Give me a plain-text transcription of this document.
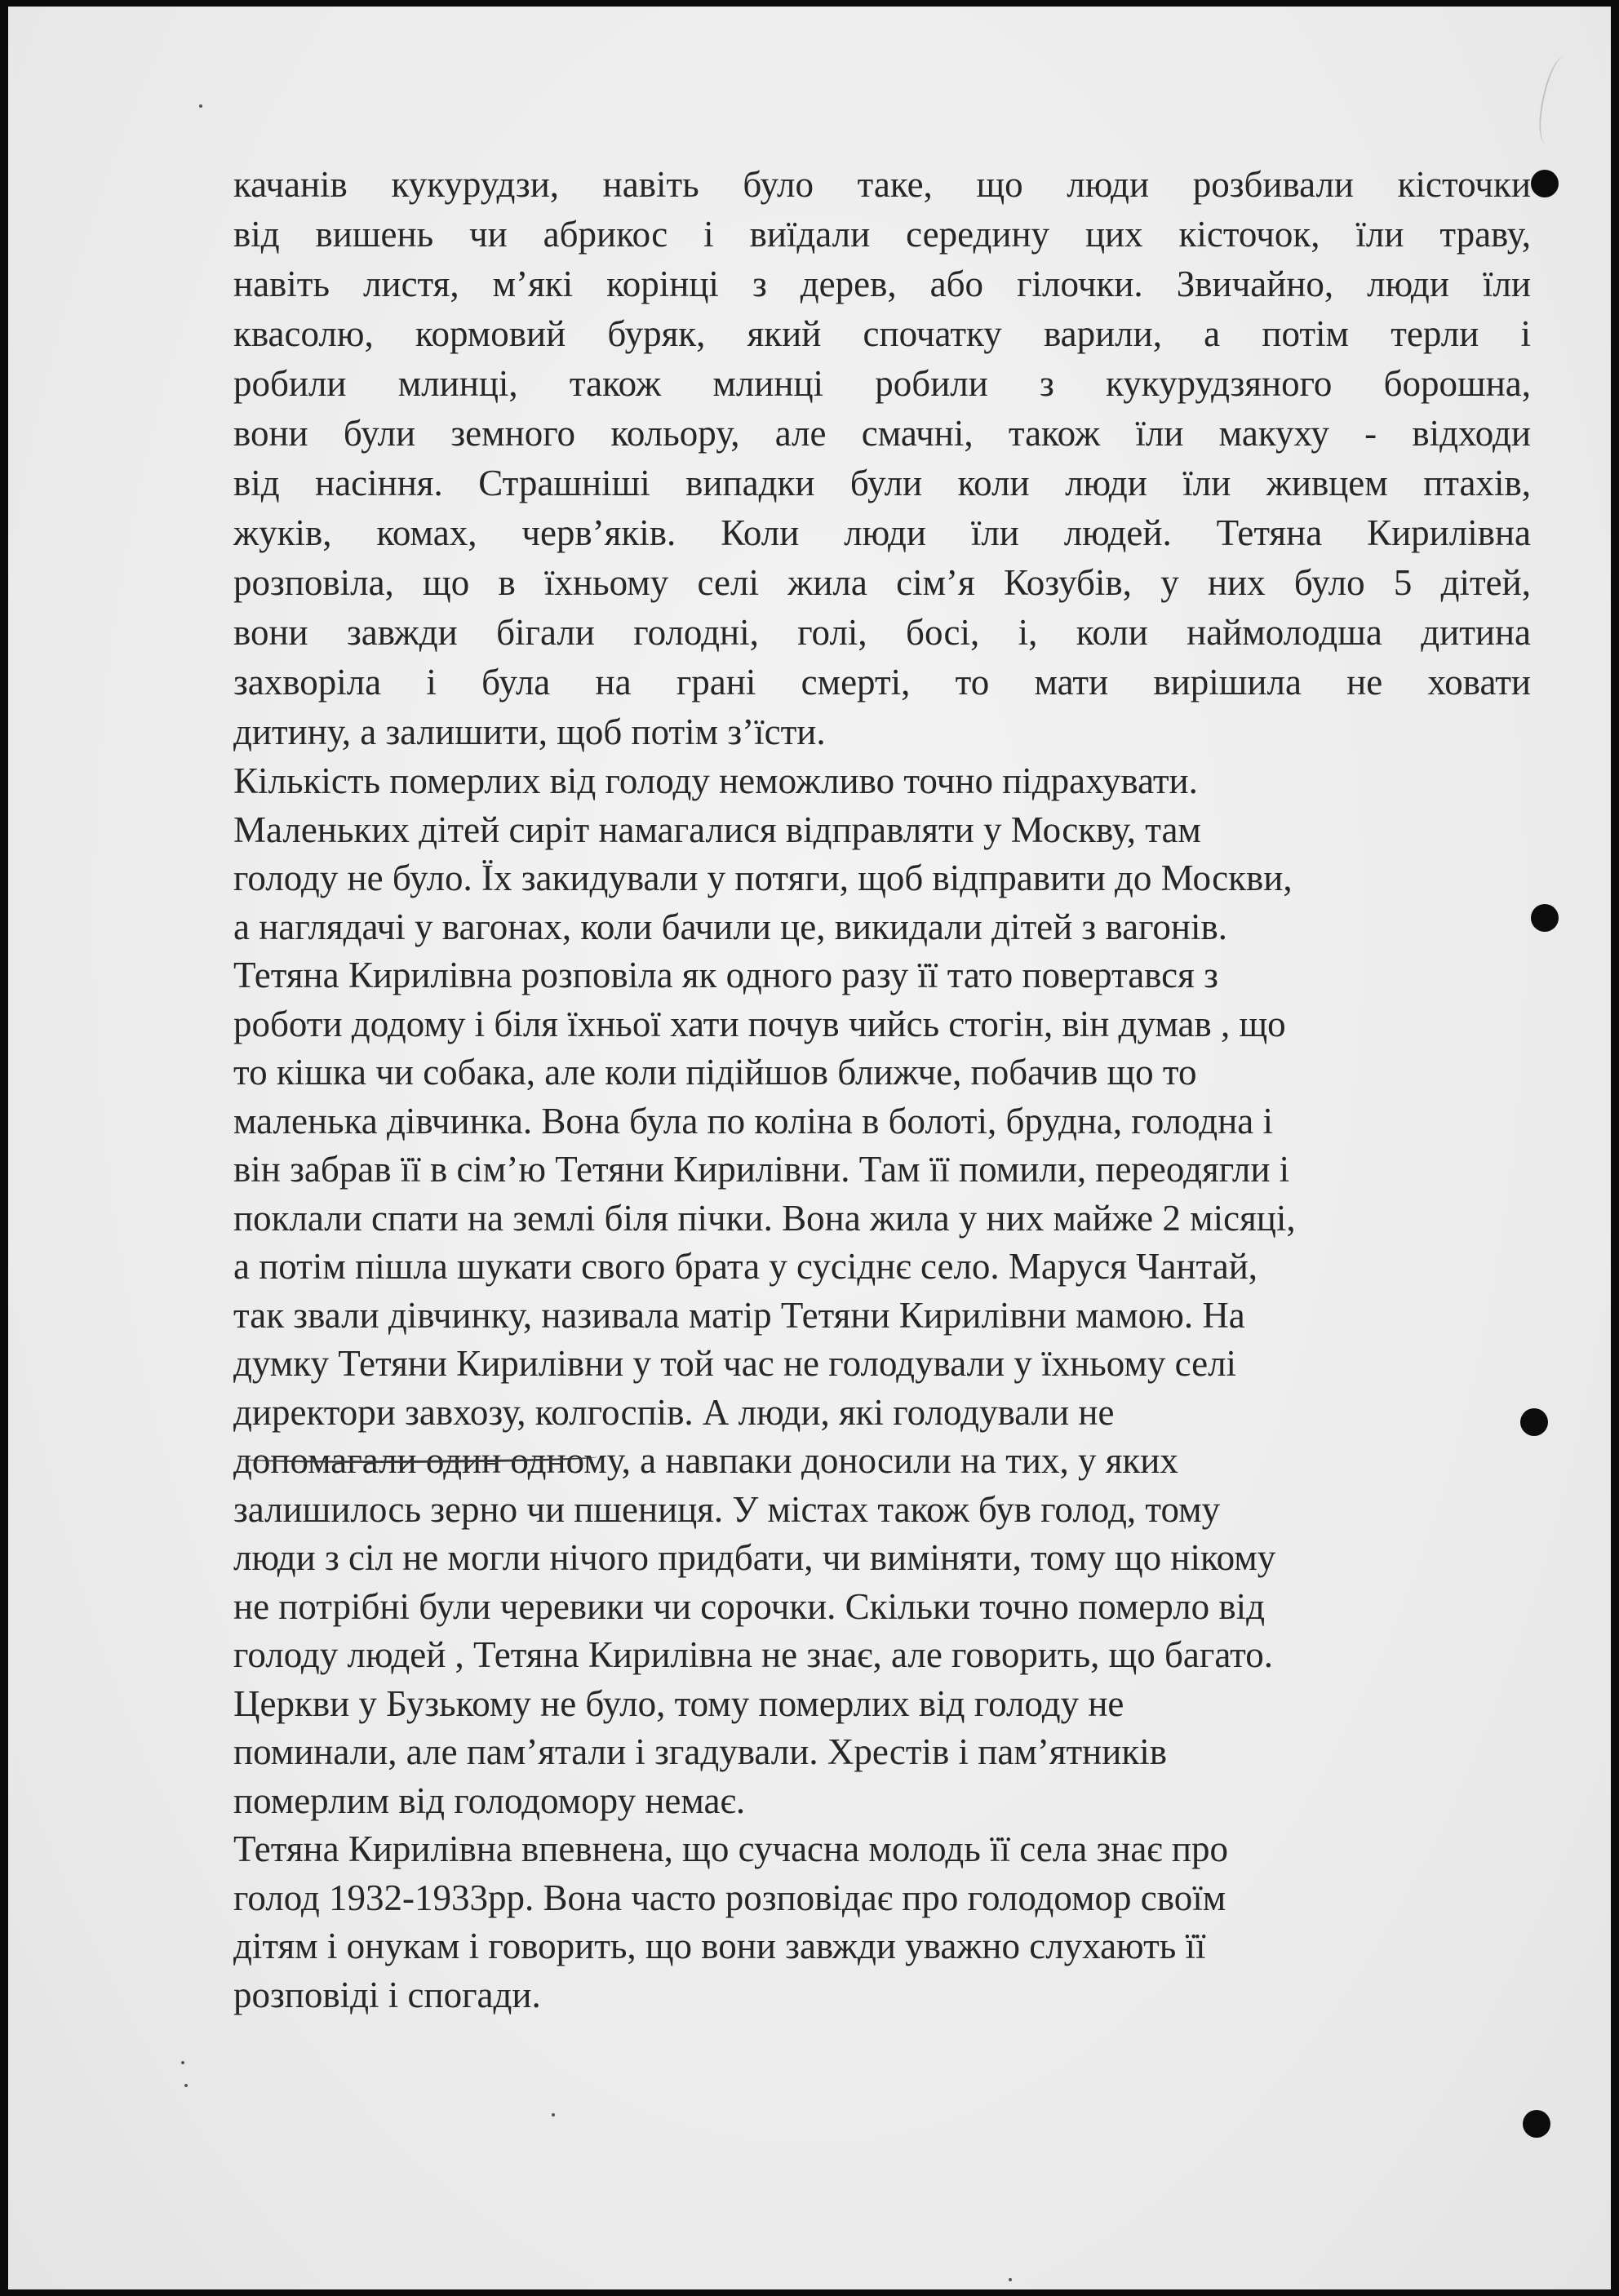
качанів кукурудзи, навіть було таке, що люди розбивали кісточки

від вишень чи абрикос і виїдали середину цих кісточок, їли траву,

навіть листя, м’які корінці з дерев, або гілочки. Звичайно, люди їли

квасолю, кормовий буряк, який спочатку варили, а потім терли і

робили млинці, також млинці робили з кукурудзяного борошна,

вони були земного кольору, але смачні, також їли макуху - відходи

від насіння. Страшніші випадки були коли люди їли живцем птахів,

жуків, комах, черв’яків. Коли люди їли людей. Тетяна Кирилівна

розповіла, що в їхньому селі жила сім’я Козубів, у них було 5 дітей,

вони завжди бігали голодні, голі, босі, і, коли наймолодша дитина

захворіла і була на грані смерті, то мати вирішила не ховати

дитину, а залишити, щоб потім з’їсти.

Кількість померлих від голоду неможливо точно підрахувати.

Маленьких дітей сиріт намагалися відправляти у Москву, там

голоду не було. Їх закидували у потяги, щоб відправити до Москви,

а наглядачі у вагонах, коли бачили це, викидали дітей з вагонів.

Тетяна Кирилівна розповіла як одного разу її тато повертався з

роботи додому і біля їхньої хати почув чийсь стогін, він думав , що

то кішка чи собака, але коли підійшов ближче, побачив що то

маленька дівчинка. Вона була по коліна в болоті, брудна, голодна і

він забрав її в сім’ю Тетяни Кирилівни. Там її помили, переодягли і

поклали спати на землі біля пічки. Вона жила у них майже 2 місяці,

а потім пішла шукати свого брата у сусіднє село. Маруся Чантай,

так звали дівчинку, називала матір Тетяни Кирилівни мамою. На

думку Тетяни Кирилівни у той час не голодували у їхньому селі

директори завхозу, колгоспів. А люди, які голодували не

допомагали один одному, а навпаки доносили на тих, у яких

залишилось зерно чи пшениця. У містах також був голод, тому

люди з сіл не могли нічого придбати, чи виміняти, тому що нікому

не потрібні були черевики чи сорочки. Скільки точно померло від

голоду людей , Тетяна Кирилівна не знає, але говорить, що багато.

Церкви у Бузькому не було, тому померлих від голоду не

поминали, але пам’ятали і згадували. Хрестів і пам’ятників

померлим від голодомору немає.

Тетяна Кирилівна впевнена, що сучасна молодь її села знає про

голод 1932-1933рр. Вона часто розповідає про голодомор своїм

дітям і онукам і говорить, що вони завжди уважно слухають її

розповіді і спогади.
